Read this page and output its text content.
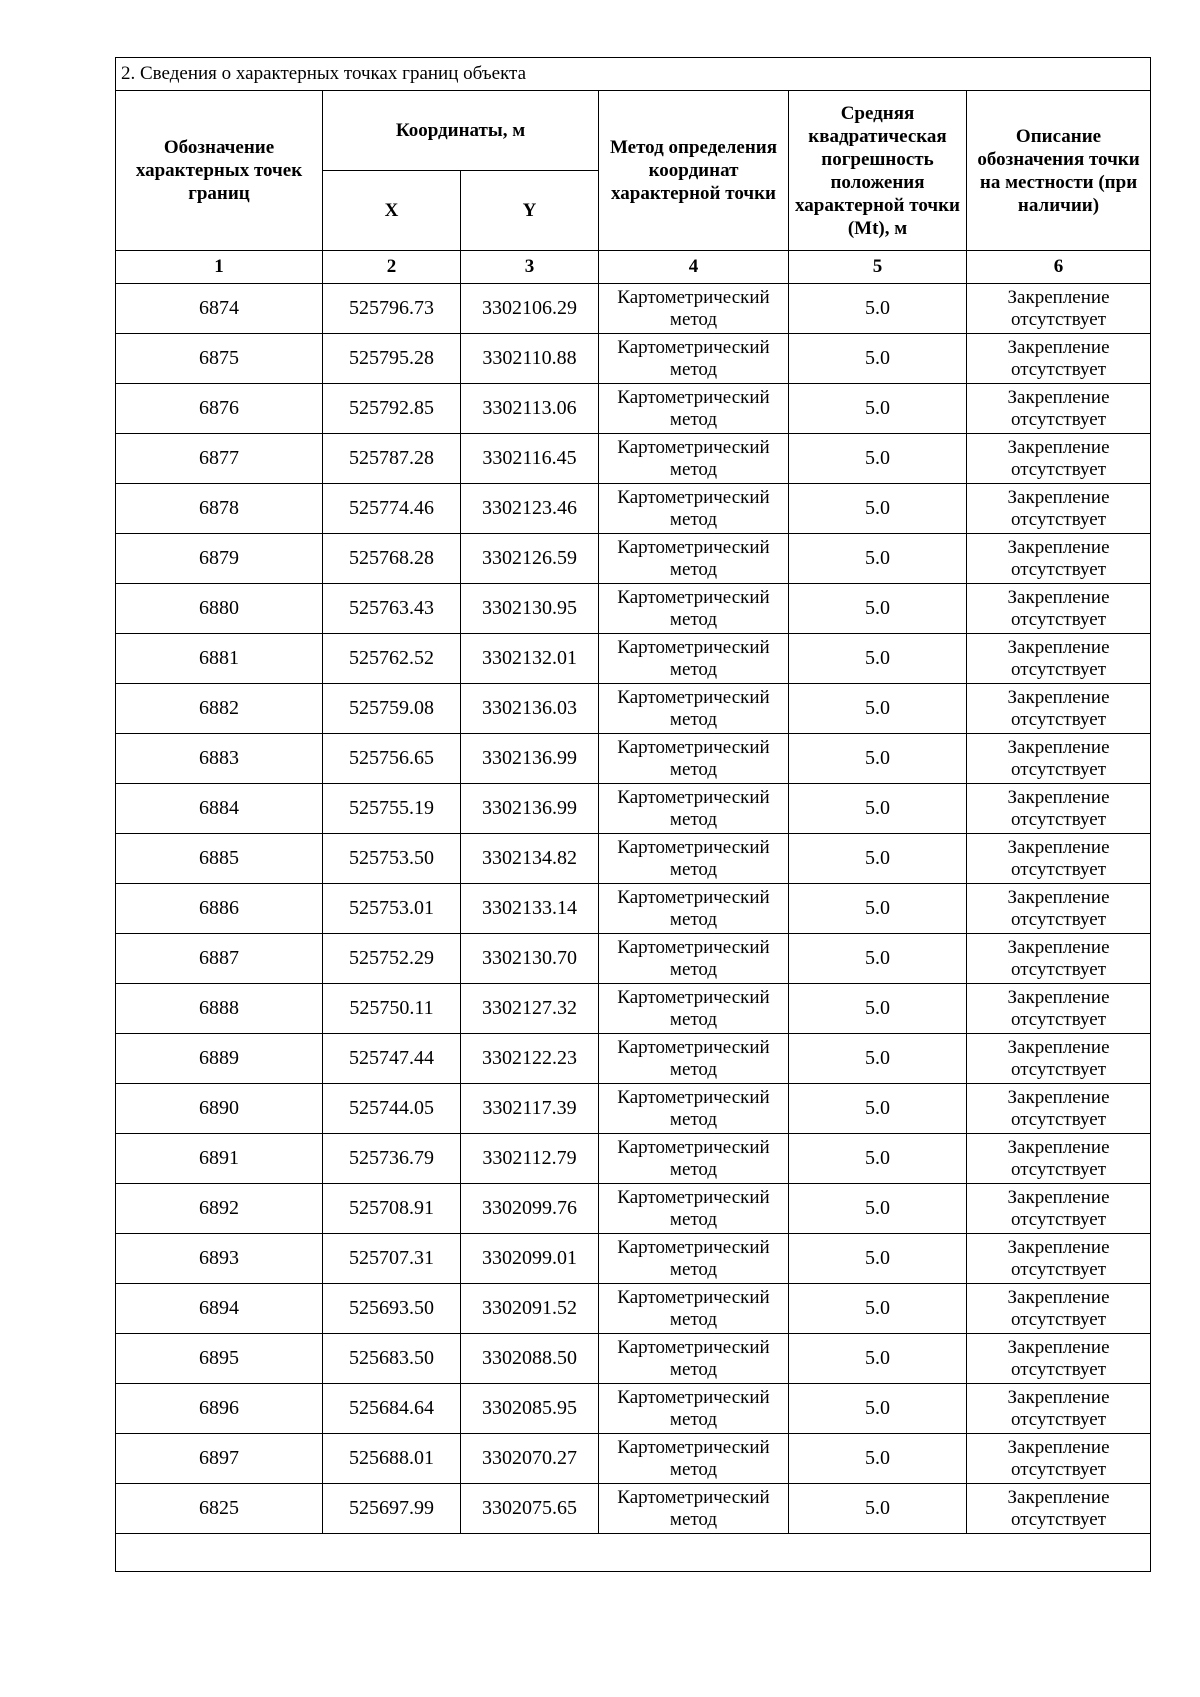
2. Сведения о характерных точках границ объекта					
Обозначение характерных точек границ	Координаты, м		Метод определения координат характерной точки	Средняя квадратическая погрешность положения характерной точки (Mt), м	Описание обозначения точки на местности (при наличии)
	X	Y			
1	2	3	4	5	6
6874	525796.73	3302106.29	Картометрический метод	5.0	Закрепление отсутствует
6875	525795.28	3302110.88	Картометрический метод	5.0	Закрепление отсутствует
6876	525792.85	3302113.06	Картометрический метод	5.0	Закрепление отсутствует
6877	525787.28	3302116.45	Картометрический метод	5.0	Закрепление отсутствует
6878	525774.46	3302123.46	Картометрический метод	5.0	Закрепление отсутствует
6879	525768.28	3302126.59	Картометрический метод	5.0	Закрепление отсутствует
6880	525763.43	3302130.95	Картометрический метод	5.0	Закрепление отсутствует
6881	525762.52	3302132.01	Картометрический метод	5.0	Закрепление отсутствует
6882	525759.08	3302136.03	Картометрический метод	5.0	Закрепление отсутствует
6883	525756.65	3302136.99	Картометрический метод	5.0	Закрепление отсутствует
6884	525755.19	3302136.99	Картометрический метод	5.0	Закрепление отсутствует
6885	525753.50	3302134.82	Картометрический метод	5.0	Закрепление отсутствует
6886	525753.01	3302133.14	Картометрический метод	5.0	Закрепление отсутствует
6887	525752.29	3302130.70	Картометрический метод	5.0	Закрепление отсутствует
6888	525750.11	3302127.32	Картометрический метод	5.0	Закрепление отсутствует
6889	525747.44	3302122.23	Картометрический метод	5.0	Закрепление отсутствует
6890	525744.05	3302117.39	Картометрический метод	5.0	Закрепление отсутствует
6891	525736.79	3302112.79	Картометрический метод	5.0	Закрепление отсутствует
6892	525708.91	3302099.76	Картометрический метод	5.0	Закрепление отсутствует
6893	525707.31	3302099.01	Картометрический метод	5.0	Закрепление отсутствует
6894	525693.50	3302091.52	Картометрический метод	5.0	Закрепление отсутствует
6895	525683.50	3302088.50	Картометрический метод	5.0	Закрепление отсутствует
6896	525684.64	3302085.95	Картометрический метод	5.0	Закрепление отсутствует
6897	525688.01	3302070.27	Картометрический метод	5.0	Закрепление отсутствует
6825	525697.99	3302075.65	Картометрический метод	5.0	Закрепление отсутствует
